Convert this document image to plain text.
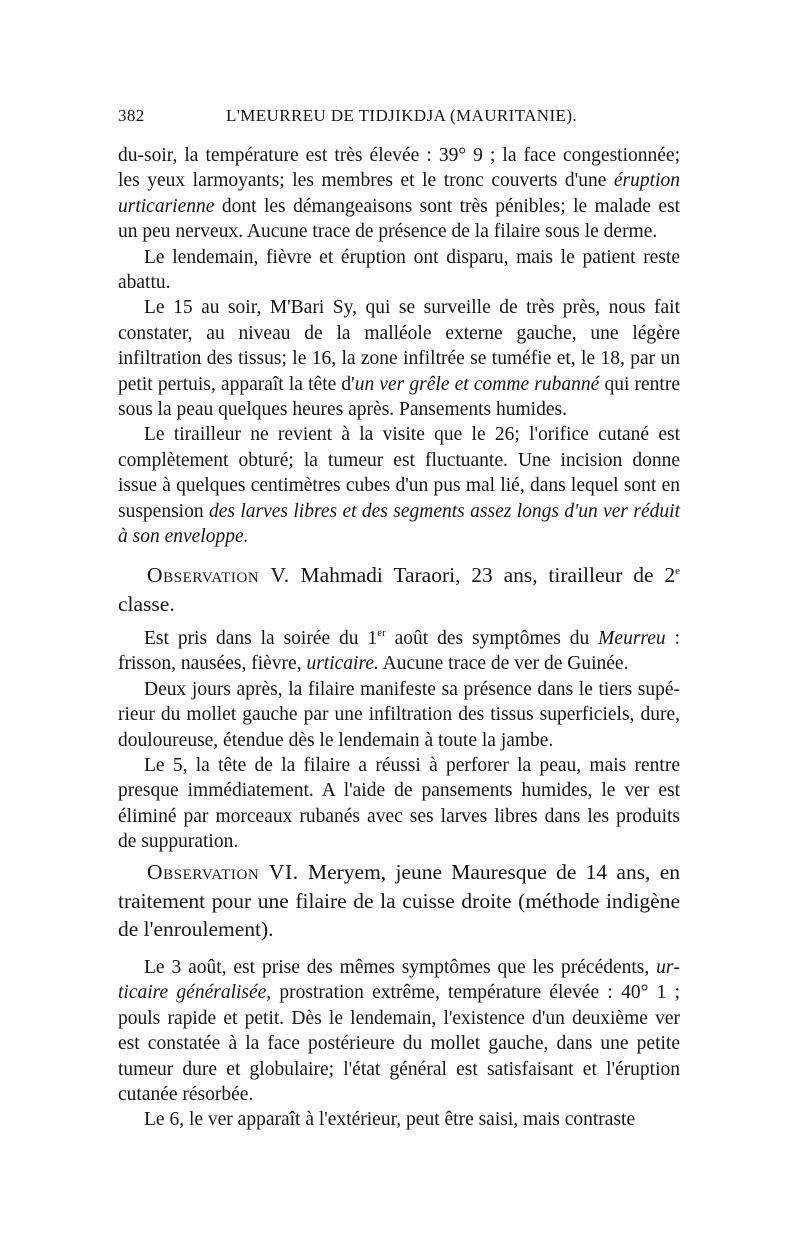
382	L'MEURREU DE TIDJIKDJA (MAURITANIE).

du-soir, la température est très élevée : 39° 9 ; la face congestionnée; les yeux larmoyants; les membres et le tronc couverts d'une éruption urticarienne dont les démangeaisons sont très pénibles; le malade est un peu nerveux. Aucune trace de présence de la filaire sous le derme.

Le lendemain, fièvre et éruption ont disparu, mais le patient reste abattu.

Le 15 au soir, M'Bari Sy, qui se surveille de très près, nous fait constater, au niveau de la malléole externe gauche, une légère infiltration des tissus; le 16, la zone infiltrée se tuméfie et, le 18, par un petit pertuis, apparaît la tête d'un ver grêle et comme rubanné qui rentre sous la peau quelques heures après. Pansements humides.

Le tirailleur ne revient à la visite que le 26; l'orifice cutané est complètement obturé; la tumeur est fluctuante. Une incision donne issue à quelques centimètres cubes d'un pus mal lié, dans lequel sont en suspension des larves libres et des segments assez longs d'un ver réduit à son enveloppe.

Observation V. Mahmadi Taraori, 23 ans, tirailleur de 2e classe.

Est pris dans la soirée du 1er août des symptômes du Meurreu : frisson, nausées, fièvre, urticaire. Aucune trace de ver de Guinée.

Deux jours après, la filaire manifeste sa présence dans le tiers supérieur du mollet gauche par une infiltration des tissus superficiels, dure, douloureuse, étendue dès le lendemain à toute la jambe.

Le 5, la tête de la filaire a réussi à perforer la peau, mais rentre presque immédiatement. A l'aide de pansements humides, le ver est éliminé par morceaux rubanés avec ses larves libres dans les produits de suppuration.

Observation VI. Meryem, jeune Mauresque de 14 ans, en traitement pour une filaire de la cuisse droite (méthode indigène de l'enroulement).

Le 3 août, est prise des mêmes symptômes que les précédents, urticaire généralisée, prostration extrême, température élevée : 40° 1 ; pouls rapide et petit. Dès le lendemain, l'existence d'un deuxième ver est constatée à la face postérieure du mollet gauche, dans une petite tumeur dure et globulaire; l'état général est satisfaisant et l'éruption cutanée résorbée.

Le 6, le ver apparaît à l'extérieur, peut être saisi, mais contraste
